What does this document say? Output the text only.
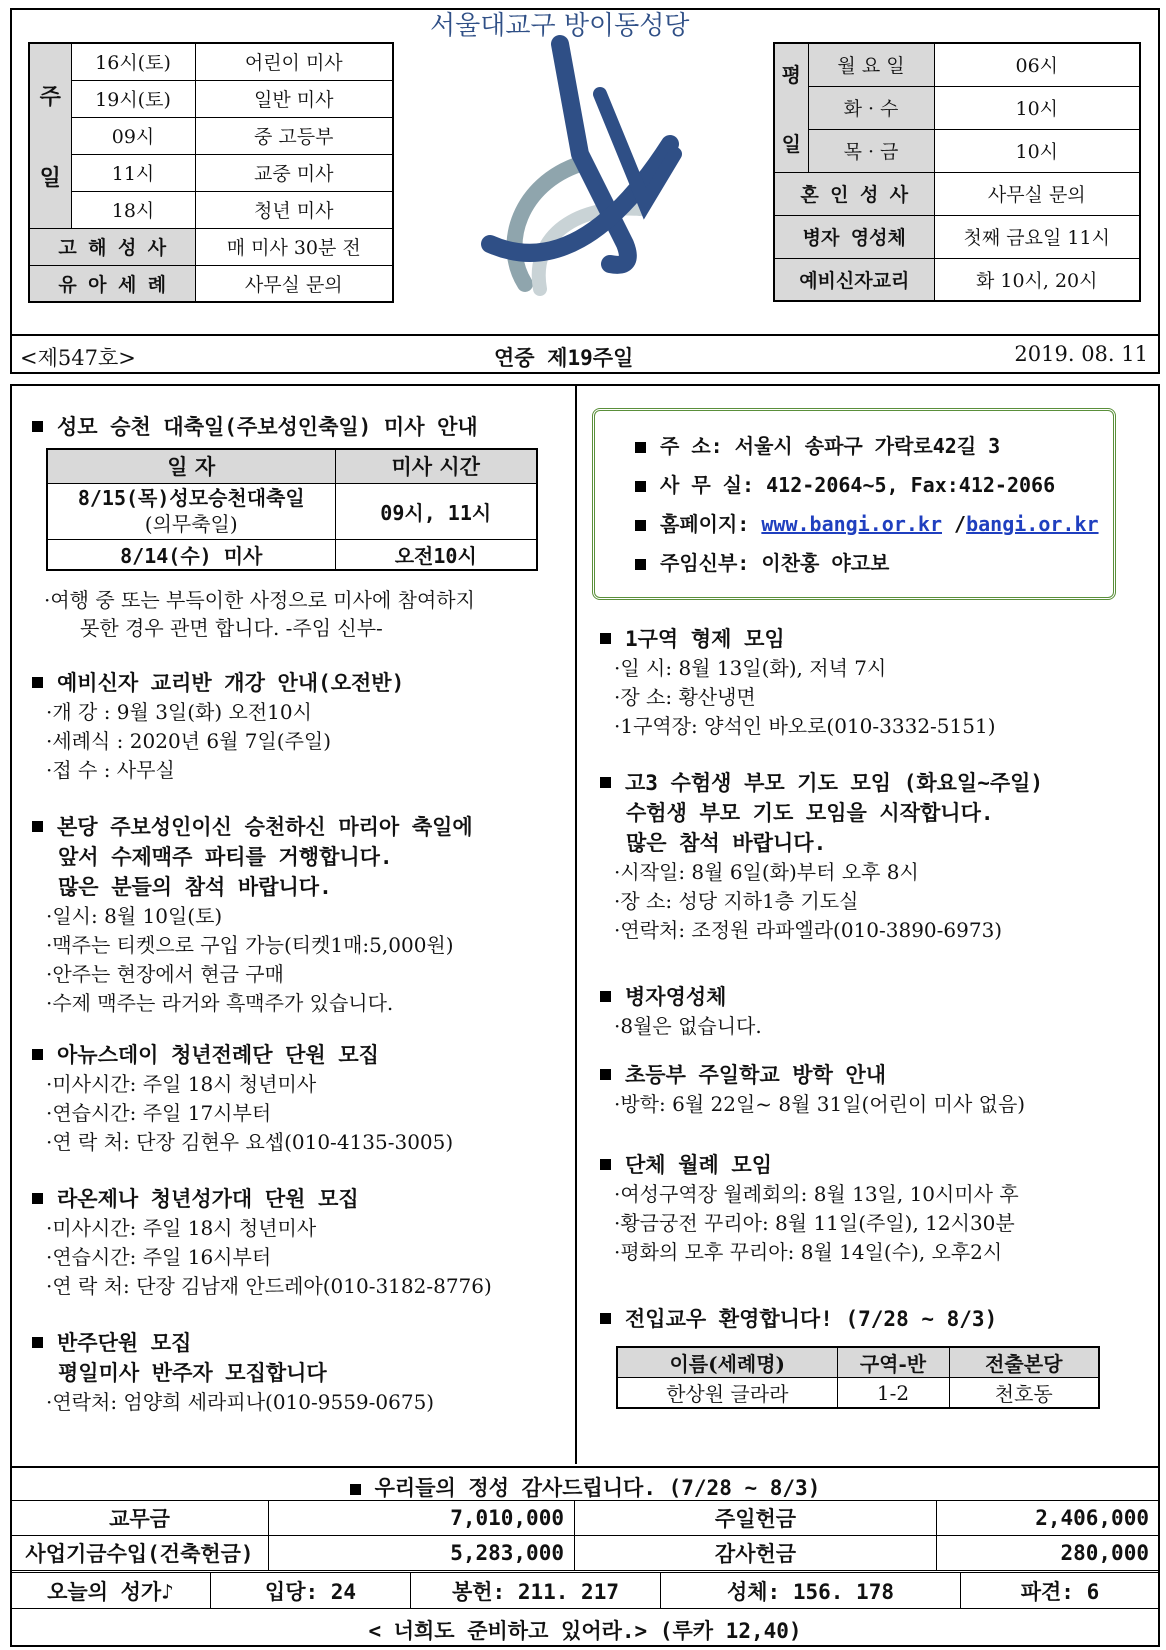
주
일	16시(토)	어린이 미사
	19시(토)	일반 미사
	09시	중 고등부
	11시	교중 미사
	18시	청년 미사
고 해 성 사		매 미사 30분 전
유 아 세 례		사무실 문의
서울대교구 방이동성당
평
일	월 요 일	06시
	화 · 수	10시
	목 · 금	10시
혼 인 성 사		사무실 문의
병자 영성체		첫째 금요일 11시
예비신자교리		화 10시, 20시
<제547호>	연중 제19주일	2019. 08. 11
성모 승천 대축일(주보성인축일) 미사 안내
일 자	미사 시간

8/15(목)성모승천대축일
(의무축일)	09시, 11시
8/14(수) 미사	오전10시
·여행 중 또는 부득이한 사정으로 미사에 참여하지
못한 경우 관면 합니다. -주임 신부-
예비신자 교리반 개강 안내(오전반)

·개 강 : 9월 3일(화) 오전10시

·세례식 : 2020년 6월 7일(주일)

·접 수 : 사무실

본당 주보성인이신 승천하신 마리아 축일에
앞서 수제맥주 파티를 거행합니다.
많은 분들의 참석 바랍니다.

·일시: 8월 10일(토)

·맥주는 티켓으로 구입 가능(티켓1매:5,000원)

·안주는 현장에서 현금 구매

·수제 맥주는 라거와 흑맥주가 있습니다.

아뉴스데이 청년전례단 단원 모집

·미사시간: 주일 18시 청년미사

·연습시간: 주일 17시부터

·연 락 처: 단장 김현우 요셉(010-4135-3005)

라온제나 청년성가대 단원 모집

·미사시간: 주일 18시 청년미사

·연습시간: 주일 16시부터

·연 락 처: 단장 김남재 안드레아(010-3182-8776)

반주단원 모집
평일미사 반주자 모집합니다

·연락처: 엄양희 세라피나(010-9559-0675)

주 소: 서울시 송파구 가락로42길 3

사 무 실: 412-2064~5, Fax:412-2066

홈페이지: www.bangi.or.kr /bangi.or.kr

주임신부: 이찬홍 야고보

1구역 형제 모임

·일 시: 8월 13일(화), 저녁 7시

·장 소: 황산냉면

·1구역장: 양석인 바오로(010-3332-5151)

고3 수험생 부모 기도 모임 (화요일~주일)
수험생 부모 기도 모임을 시작합니다.
많은 참석 바랍니다.

·시작일: 8월 6일(화)부터 오후 8시

·장 소: 성당 지하1층 기도실

·연락처: 조정원 라파엘라(010-3890-6973)

병자영성체

·8월은 없습니다.

초등부 주일학교 방학 안내

·방학: 6월 22일~ 8월 31일(어린이 미사 없음)

단체 월례 모임

·여성구역장 월례회의: 8월 13일, 10시미사 후

·황금궁전 꾸리아: 8월 11일(주일), 12시30분

·평화의 모후 꾸리아: 8월 14일(수), 오후2시

전입교우 환영합니다! (7/28 ~ 8/3)
이름(세례명)	구역-반	전출본당
한상원 글라라	1-2	천호동
우리들의 정성 감사드립니다. (7/28 ~ 8/3)
교무금	7,010,000	주일헌금	2,406,000
사업기금수입(건축헌금)	5,283,000	감사헌금	280,000
오늘의 성가♪	입당: 24	봉헌: 211. 217	성체: 156. 178	파견: 6
< 너희도 준비하고 있어라.> (루카 12,40)
